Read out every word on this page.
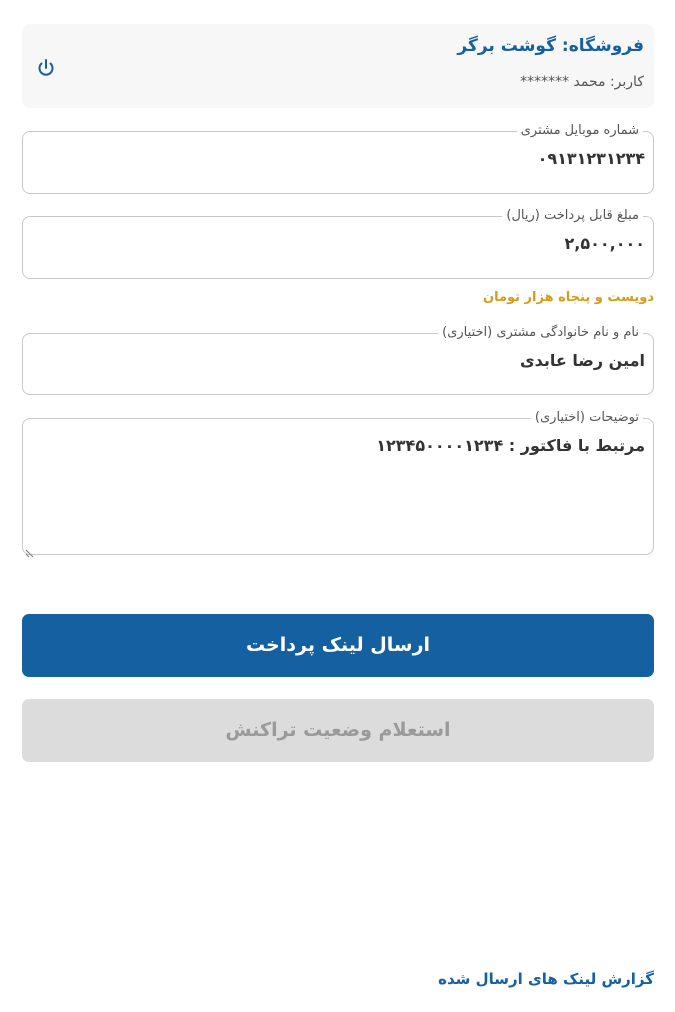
فروشگاه: گوشت برگر
کاربر: محمد *******
شماره موبایل مشتری
۰۹۱۳۱۲۳۱۲۳۴
مبلغ قابل پرداخت (ریال)
۲,۵۰۰,۰۰۰
دویست و پنجاه هزار تومان
نام و نام خانوادگی مشتری (اختیاری)
امین رضا عابدی
توضیحات (اختیاری)
مرتبط با فاکتور : ۱۲۳۴۵۰۰۰۰۱۲۳۴
ارسال لینک پرداخت
استعلام وضعیت تراکنش
گزارش لینک های ارسال شده
